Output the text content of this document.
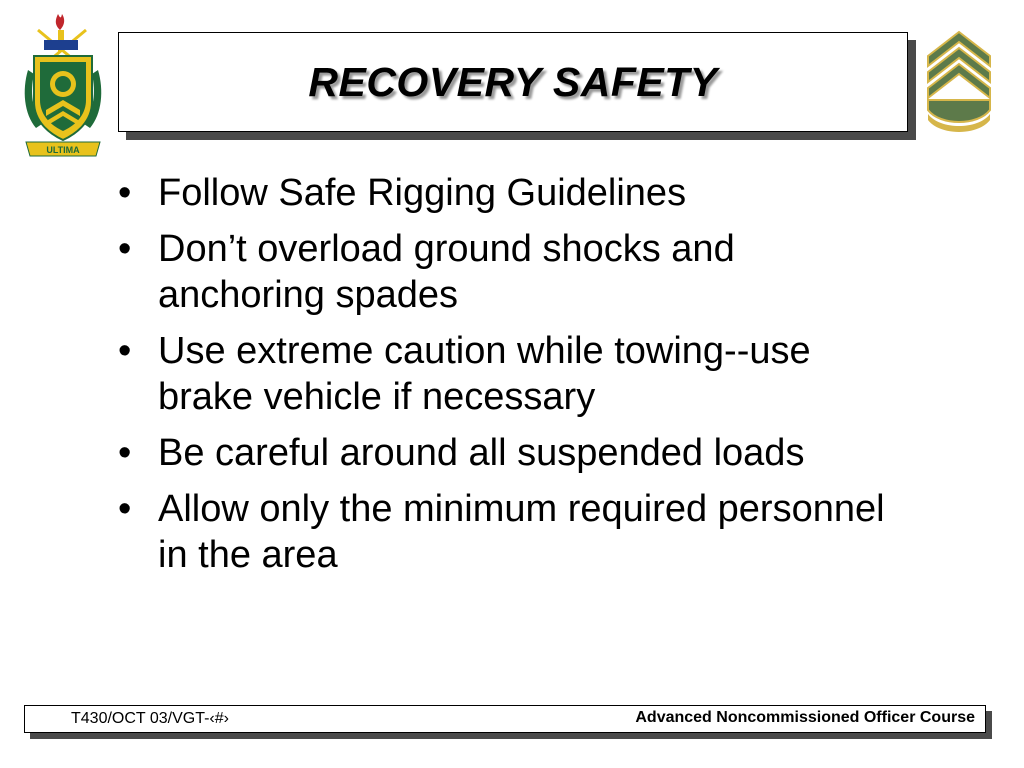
ULTIMA
RECOVERY SAFETY
• Follow Safe Rigging Guidelines
• Don’t overload ground shocks and anchoring spades
• Use extreme caution while towing--use brake vehicle if necessary
• Be careful around all suspended loads
• Allow only the minimum required personnel in the area
T430/OCT 03/VGT-‹#›	Advanced Noncommissioned Officer Course
